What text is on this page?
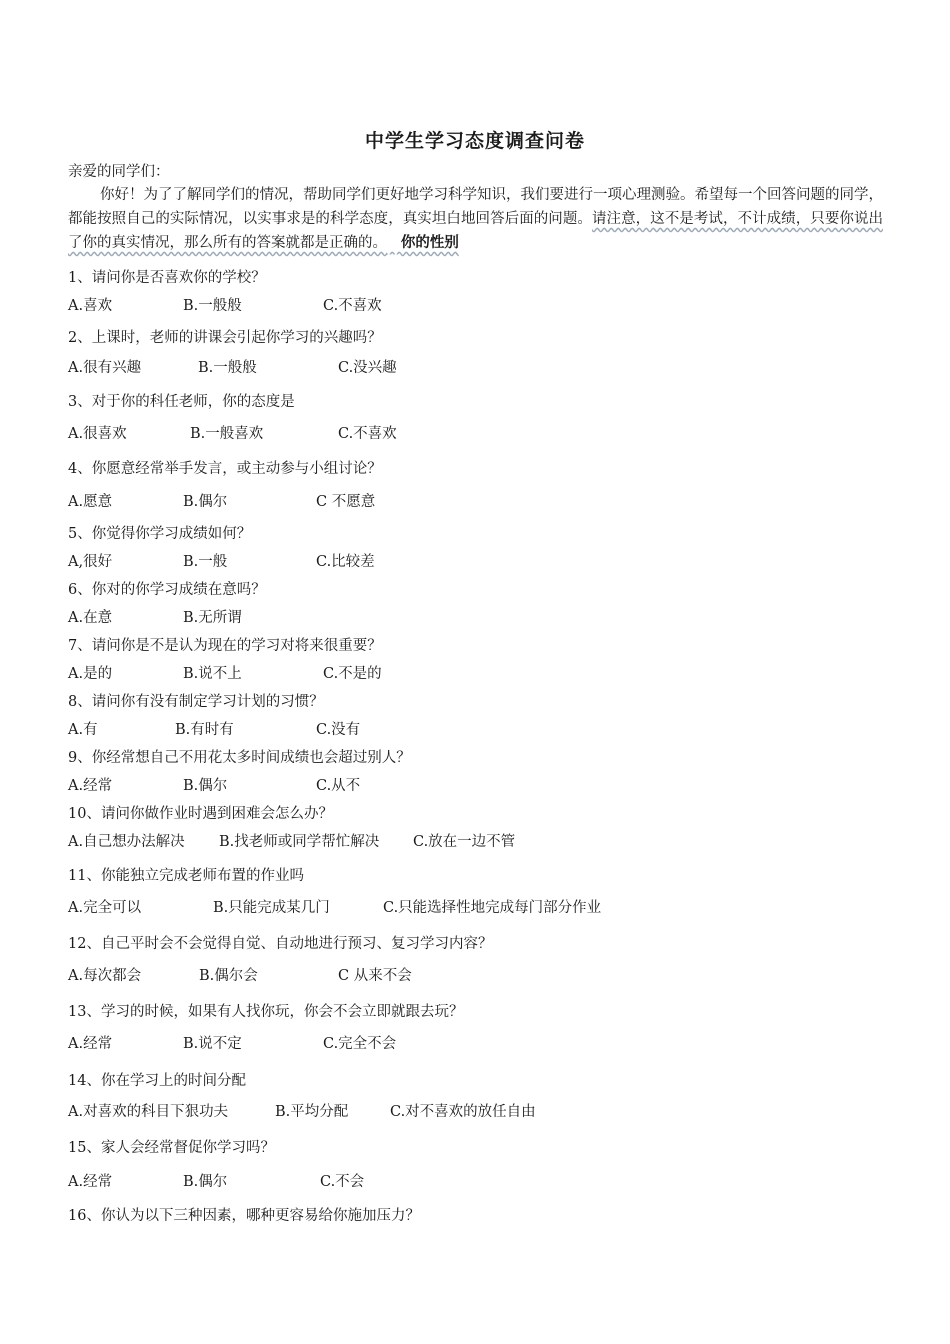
中学生学习态度调查问卷
亲爱的同学们：
你好！为了了解同学们的情况，帮助同学们更好地学习科学知识，我们要进行一项心理测验。希望每一个回答问题的同学，都能按照自己的实际情况，以实事求是的科学态度，真实坦白地回答后面的问题。请注意，这不是考试，不计成绩，只要你说出了你的真实情况，那么所有的答案就都是正确的。 你的性别
1、请问你是否喜欢你的学校？
A.喜欢	B.一般般	C.不喜欢
2、上课时，老师的讲课会引起你学习的兴趣吗？
A.很有兴趣	B.一般般	C.没兴趣
3、对于你的科任老师，你的态度是
A.很喜欢	B.一般喜欢	C.不喜欢
4、你愿意经常举手发言，或主动参与小组讨论？
A.愿意	B.偶尔	C 不愿意
5、你觉得你学习成绩如何？
A,很好	B.一般	C.比较差
6、你对的你学习成绩在意吗？
A.在意	B.无所谓
7、请问你是不是认为现在的学习对将来很重要？
A.是的	B.说不上	C.不是的
8、请问你有没有制定学习计划的习惯？
A.有	B.有时有	C.没有
9、你经常想自己不用花太多时间成绩也会超过别人？
A.经常	B.偶尔	C.从不
10、请问你做作业时遇到困难会怎么办？
A.自己想办法解决 B.找老师或同学帮忙解决 C.放在一边不管
11、你能独立完成老师布置的作业吗
A.完全可以	B.只能完成某几门	C.只能选择性地完成每门部分作业
12、自己平时会不会觉得自觉、自动地进行预习、复习学习内容？
A.每次都会	B.偶尔会	C 从来不会
13、学习的时候，如果有人找你玩，你会不会立即就跟去玩？
A.经常	B.说不定	C.完全不会
14、你在学习上的时间分配
A.对喜欢的科目下狠功夫	B.平均分配	C.对不喜欢的放任自由
15、家人会经常督促你学习吗？
A.经常	B.偶尔	C.不会
16、你认为以下三种因素，哪种更容易给你施加压力？
